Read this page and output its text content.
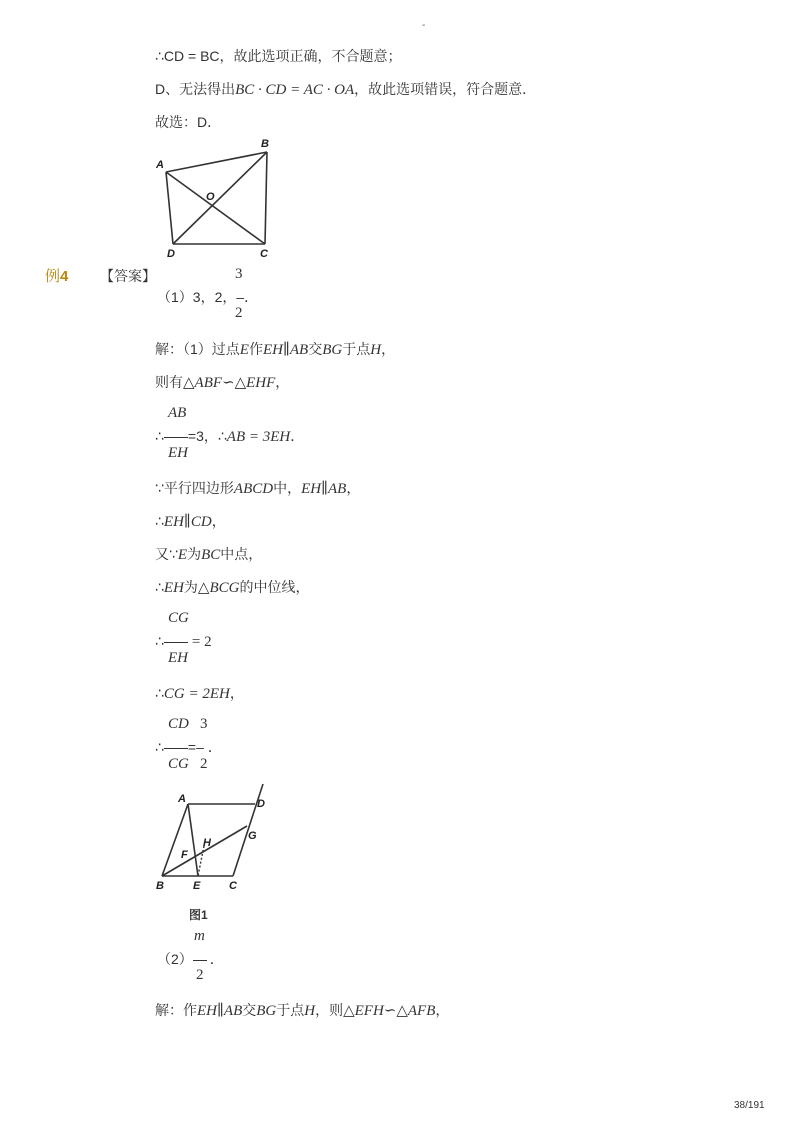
-
∴CD = BC，故此选项正确，不合题意；
D、无法得出BC · CD = AC · OA，故此选项错误，符合题意．
故选：D．
A
B
O
D	C
例4 【答案】	3
（1）3，2，–．
2
解：（1）过点E作EH∥AB交BG于点H，
则有△ABF∽△EHF，
AB
∴ =3，∴AB = 3EH．
EH
∵平行四边形ABCD中，EH∥AB，
∴EH∥CD，
又∵E为BC中点，
∴EH为△BCG的中位线，
CG
∴ = 2
EH
∴CG = 2EH，
CD 3
∴ =– ．
CG 2
A	D
H
G
F
B	E	C
图1
m
（2） ．
2
解：作EH∥AB交BG于点H，则△EFH∽△AFB，
38/191
